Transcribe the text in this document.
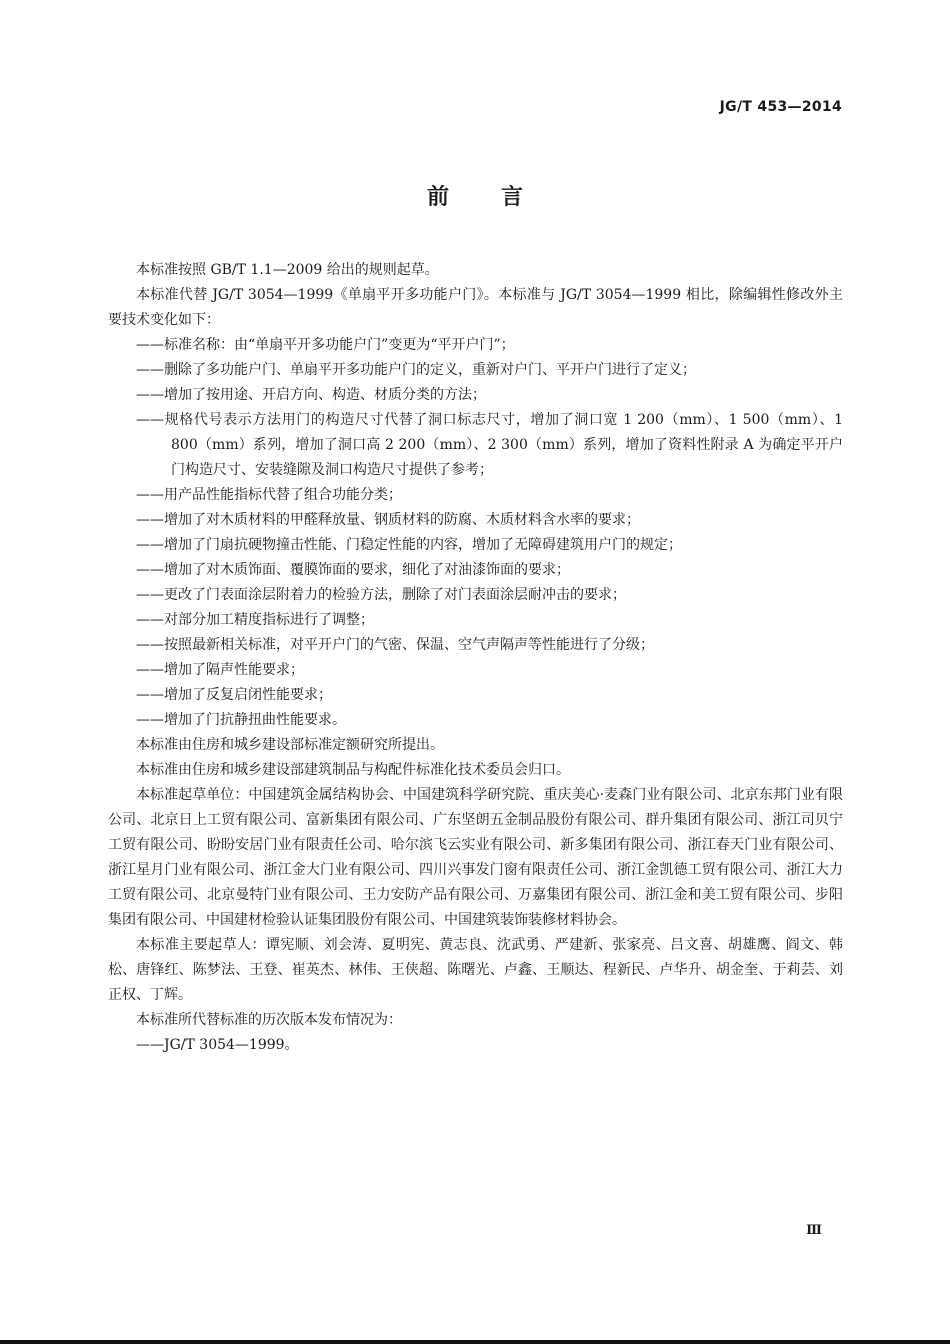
JG/T 453—2014
前言

本标准按照 GB/T 1.1—2009 给出的规则起草。

本标准代替 JG/T 3054—1999《单扇平开多功能户门》。本标准与 JG/T 3054—1999 相比，除编辑性修改外主要技术变化如下：

——标准名称：由“单扇平开多功能户门”变更为“平开户门”；

——删除了多功能户门、单扇平开多功能户门的定义，重新对户门、平开户门进行了定义；

——增加了按用途、开启方向、构造、材质分类的方法；

——规格代号表示方法用门的构造尺寸代替了洞口标志尺寸，增加了洞口宽 1 200（mm）、1 500（mm）、1 800（mm）系列，增加了洞口高 2 200（mm）、2 300（mm）系列，增加了资料性附录 A 为确定平开户门构造尺寸、安装缝隙及洞口构造尺寸提供了参考；

——用产品性能指标代替了组合功能分类；

——增加了对木质材料的甲醛释放量、钢质材料的防腐、木质材料含水率的要求；

——增加了门扇抗硬物撞击性能、门稳定性能的内容，增加了无障碍建筑用户门的规定；

——增加了对木质饰面、覆膜饰面的要求，细化了对油漆饰面的要求；

——更改了门表面涂层附着力的检验方法，删除了对门表面涂层耐冲击的要求；

——对部分加工精度指标进行了调整；

——按照最新相关标准，对平开户门的气密、保温、空气声隔声等性能进行了分级；

——增加了隔声性能要求；

——增加了反复启闭性能要求；

——增加了门抗静扭曲性能要求。

本标准由住房和城乡建设部标准定额研究所提出。

本标准由住房和城乡建设部建筑制品与构配件标准化技术委员会归口。

本标准起草单位：中国建筑金属结构协会、中国建筑科学研究院、重庆美心·麦森门业有限公司、北京东邦门业有限公司、北京日上工贸有限公司、富新集团有限公司、广东坚朗五金制品股份有限公司、群升集团有限公司、浙江司贝宁工贸有限公司、盼盼安居门业有限责任公司、哈尔滨飞云实业有限公司、新多集团有限公司、浙江春天门业有限公司、浙江星月门业有限公司、浙江金大门业有限公司、四川兴事发门窗有限责任公司、浙江金凯德工贸有限公司、浙江大力工贸有限公司、北京曼特门业有限公司、王力安防产品有限公司、万嘉集团有限公司、浙江金和美工贸有限公司、步阳集团有限公司、中国建材检验认证集团股份有限公司、中国建筑装饰装修材料协会。

本标准主要起草人：谭宪顺、刘会涛、夏明宪、黄志良、沈武勇、严建新、张家亮、吕文喜、胡雄鹰、阎文、韩松、唐锋红、陈梦法、王登、崔英杰、林伟、王侠超、陈曙光、卢鑫、王顺达、程新民、卢华升、胡金奎、于莉芸、刘正权、丁辉。

本标准所代替标准的历次版本发布情况为：

——JG/T 3054—1999。

Ⅲ
